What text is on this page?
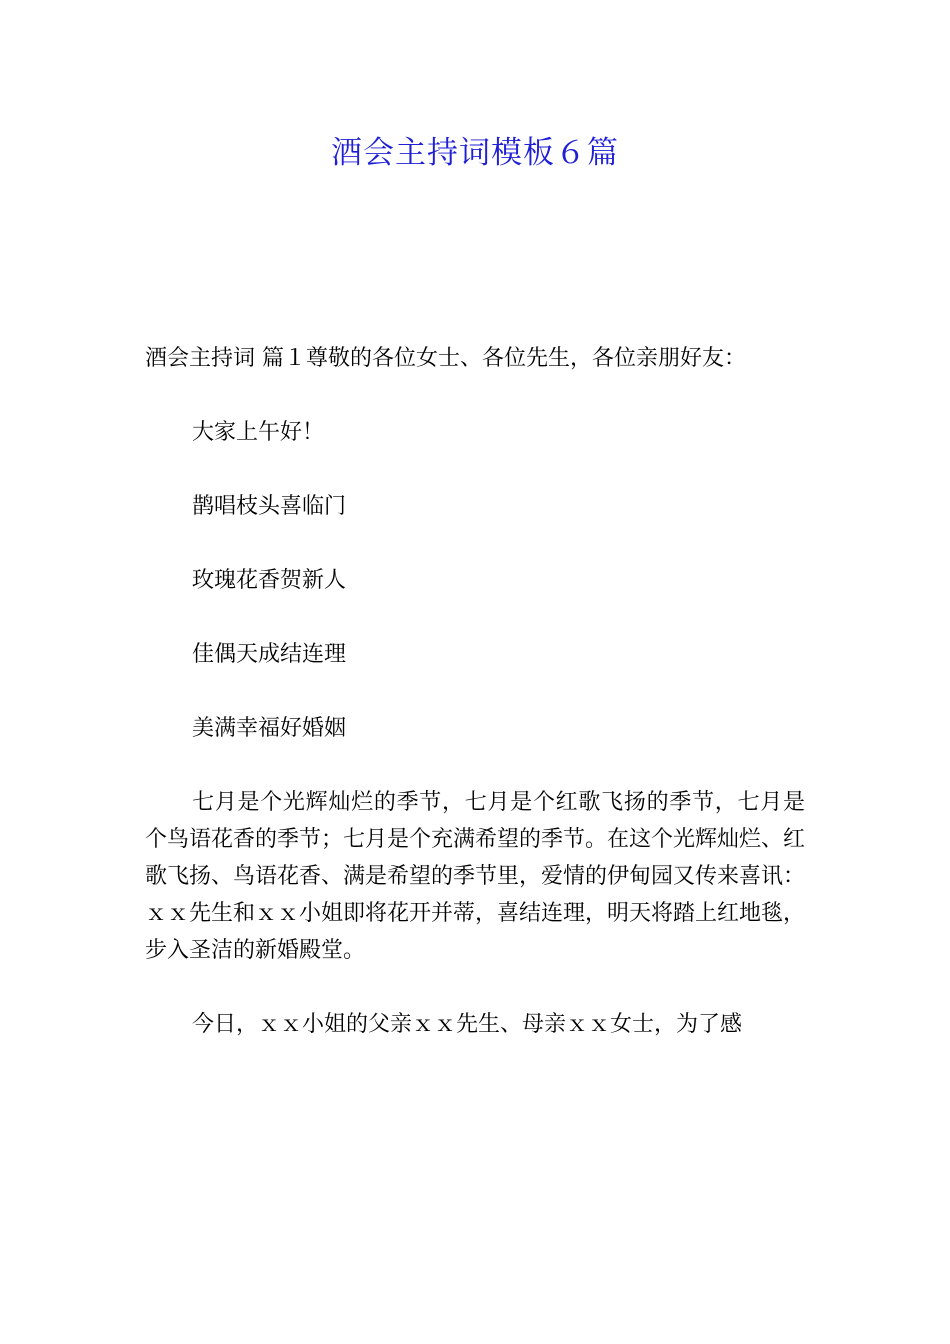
酒会主持词模板６篇

酒会主持词 篇１尊敬的各位女士、各位先生，各位亲朋好友：

大家上午好！

鹊唱枝头喜临门

玫瑰花香贺新人

佳偶天成结连理

美满幸福好婚姻

七月是个光辉灿烂的季节，七月是个红歌飞扬的季节，七月是个鸟语花香的季节；七月是个充满希望的季节。在这个光辉灿烂、红歌飞扬、鸟语花香、满是希望的季节里，爱情的伊甸园又传来喜讯：ｘｘ先生和ｘｘ小姐即将花开并蒂，喜结连理，明天将踏上红地毯，步入圣洁的新婚殿堂。

今日，ｘｘ小姐的父亲ｘｘ先生、母亲ｘｘ女士，为了感
